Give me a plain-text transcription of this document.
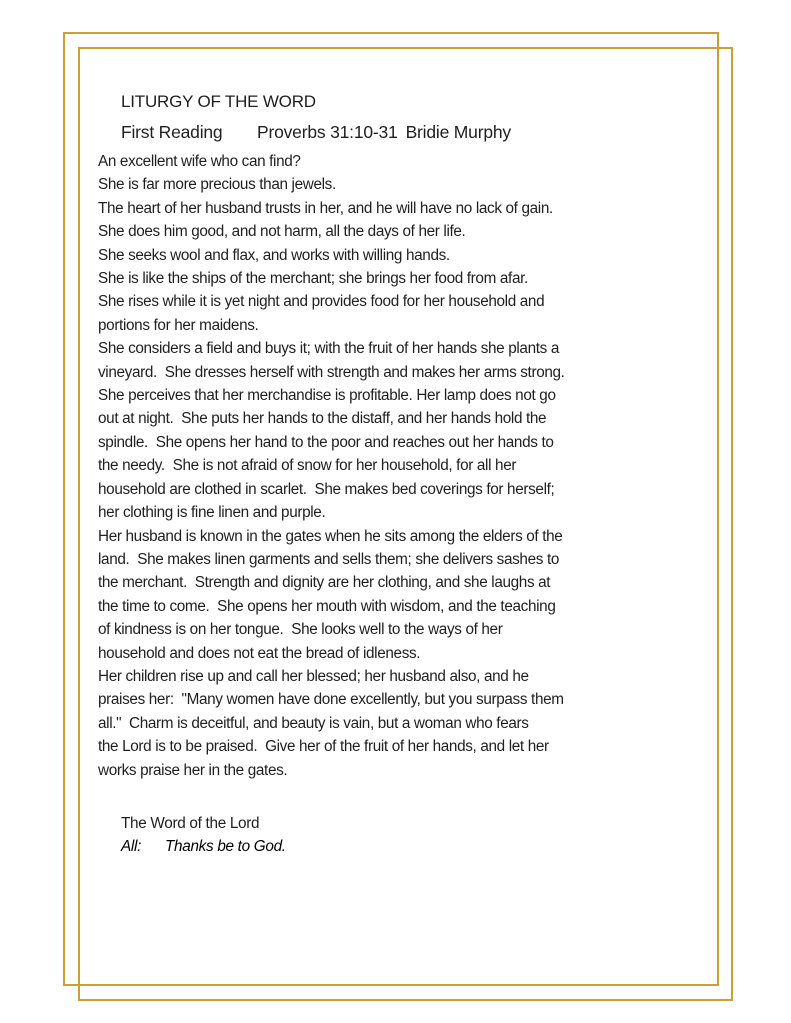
LITURGY OF THE WORD
First Reading Proverbs 31:10-31 Bridie Murphy
An excellent wife who can find?
She is far more precious than jewels.
The heart of her husband trusts in her, and he will have no lack of gain.
She does him good, and not harm, all the days of her life.
She seeks wool and flax, and works with willing hands.
She is like the ships of the merchant; she brings her food from afar.
She rises while it is yet night and provides food for her household and
portions for her maidens.
She considers a field and buys it; with the fruit of her hands she plants a
vineyard.  She dresses herself with strength and makes her arms strong.
She perceives that her merchandise is profitable. Her lamp does not go
out at night.  She puts her hands to the distaff, and her hands hold the
spindle.  She opens her hand to the poor and reaches out her hands to
the needy.  She is not afraid of snow for her household, for all her
household are clothed in scarlet.  She makes bed coverings for herself;
her clothing is fine linen and purple.
Her husband is known in the gates when he sits among the elders of the
land.  She makes linen garments and sells them; she delivers sashes to
the merchant.  Strength and dignity are her clothing, and she laughs at
the time to come.  She opens her mouth with wisdom, and the teaching
of kindness is on her tongue.  She looks well to the ways of her
household and does not eat the bread of idleness.
Her children rise up and call her blessed; her husband also, and he
praises her:  "Many women have done excellently, but you surpass them
all."  Charm is deceitful, and beauty is vain, but a woman who fears
the Lord is to be praised.  Give her of the fruit of her hands, and let her
works praise her in the gates.
The Word of the Lord
All: Thanks be to God.
